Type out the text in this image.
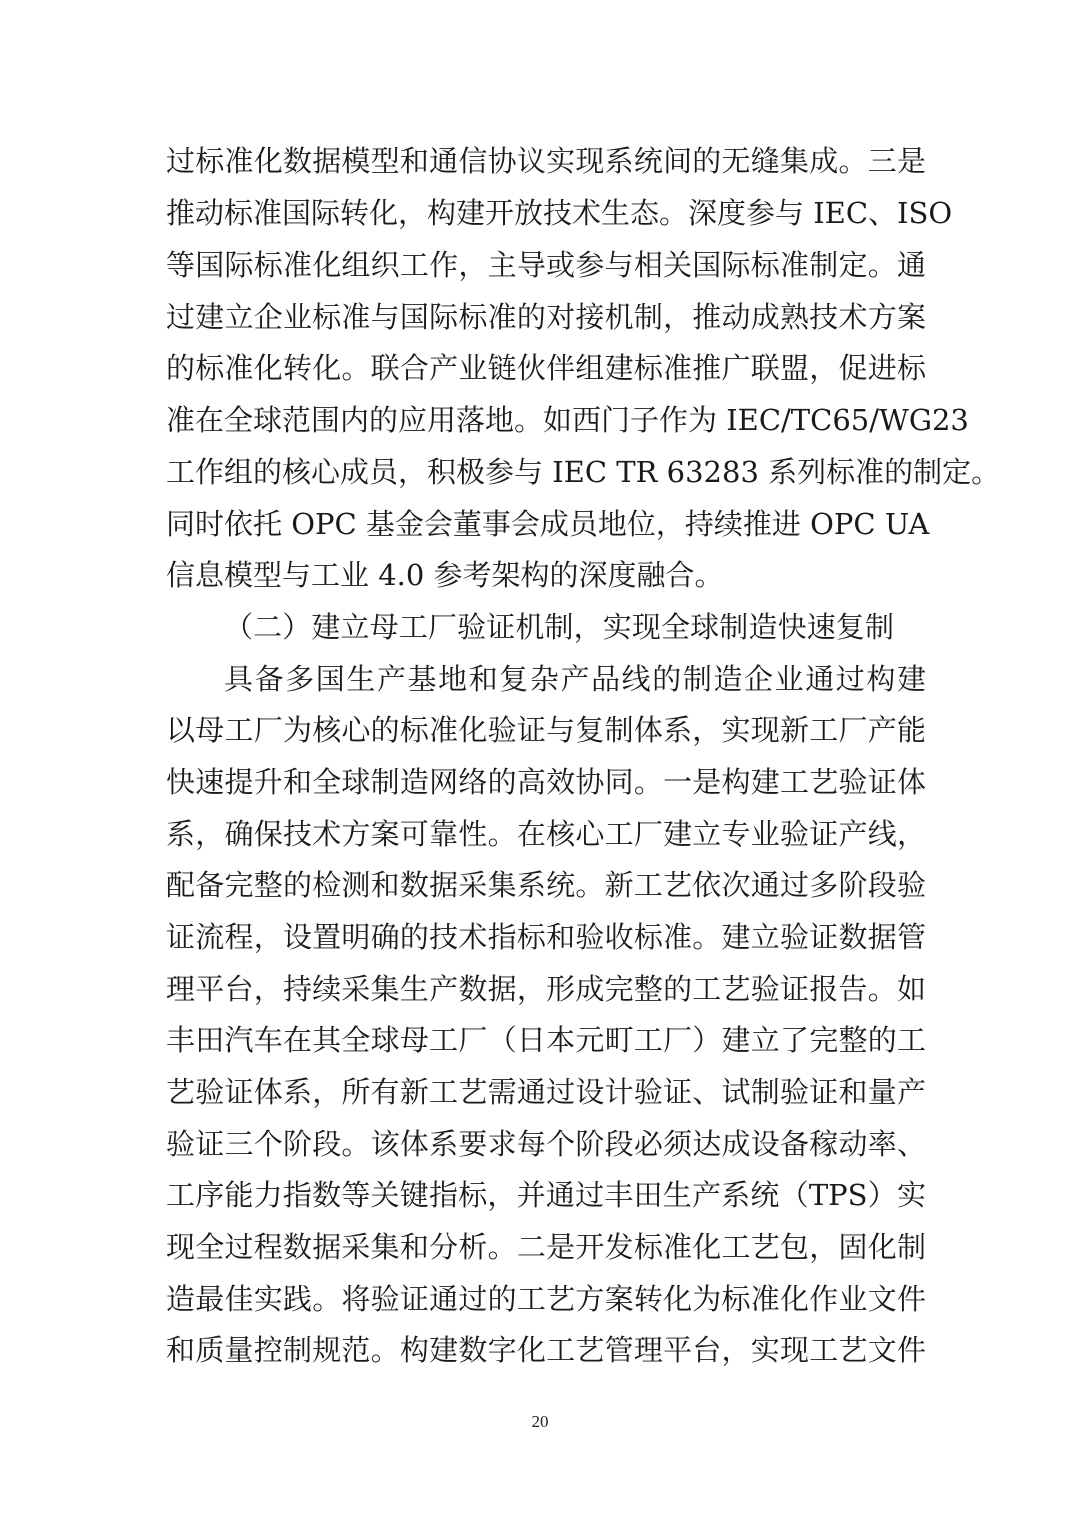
过标准化数据模型和通信协议实现系统间的无缝集成。三是
推动标准国际转化，构建开放技术生态。深度参与 IEC、ISO
等国际标准化组织工作，主导或参与相关国际标准制定。通
过建立企业标准与国际标准的对接机制，推动成熟技术方案
的标准化转化。联合产业链伙伴组建标准推广联盟，促进标
准在全球范围内的应用落地。如西门子作为 IEC/TC65/WG23
工作组的核心成员，积极参与 IEC TR 63283 系列标准的制定。
同时依托 OPC 基金会董事会成员地位，持续推进 OPC UA
信息模型与工业 4.0 参考架构的深度融合。
（二）建立母工厂验证机制，实现全球制造快速复制
具备多国生产基地和复杂产品线的制造企业通过构建
以母工厂为核心的标准化验证与复制体系，实现新工厂产能
快速提升和全球制造网络的高效协同。一是构建工艺验证体
系，确保技术方案可靠性。在核心工厂建立专业验证产线，
配备完整的检测和数据采集系统。新工艺依次通过多阶段验
证流程，设置明确的技术指标和验收标准。建立验证数据管
理平台，持续采集生产数据，形成完整的工艺验证报告。如
丰田汽车在其全球母工厂（日本元町工厂）建立了完整的工
艺验证体系，所有新工艺需通过设计验证、试制验证和量产
验证三个阶段。该体系要求每个阶段必须达成设备稼动率、
工序能力指数等关键指标，并通过丰田生产系统（TPS）实
现全过程数据采集和分析。二是开发标准化工艺包，固化制
造最佳实践。将验证通过的工艺方案转化为标准化作业文件
和质量控制规范。构建数字化工艺管理平台，实现工艺文件
20
